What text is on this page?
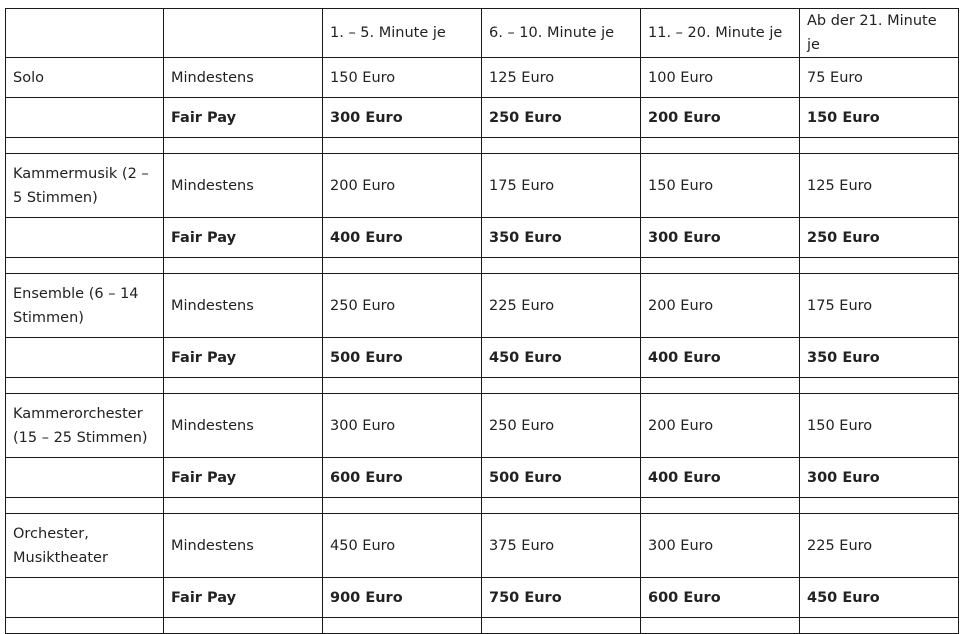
		1. – 5. Minute je	6. – 10. Minute je	11. – 20. Minute je	Ab der 21. Minute je
Solo	Mindestens	150 Euro	125 Euro	100 Euro	75 Euro
	Fair Pay	300 Euro	250 Euro	200 Euro	150 Euro

Kammermusik (2 – 5 Stimmen)	Mindestens	200 Euro	175 Euro	150 Euro	125 Euro
	Fair Pay	400 Euro	350 Euro	300 Euro	250 Euro

Ensemble (6 – 14 Stimmen)	Mindestens	250 Euro	225 Euro	200 Euro	175 Euro
	Fair Pay	500 Euro	450 Euro	400 Euro	350 Euro

Kammerorchester (15 – 25 Stimmen)	Mindestens	300 Euro	250 Euro	200 Euro	150 Euro
	Fair Pay	600 Euro	500 Euro	400 Euro	300 Euro

Orchester, Musiktheater	Mindestens	450 Euro	375 Euro	300 Euro	225 Euro
	Fair Pay	900 Euro	750 Euro	600 Euro	450 Euro
